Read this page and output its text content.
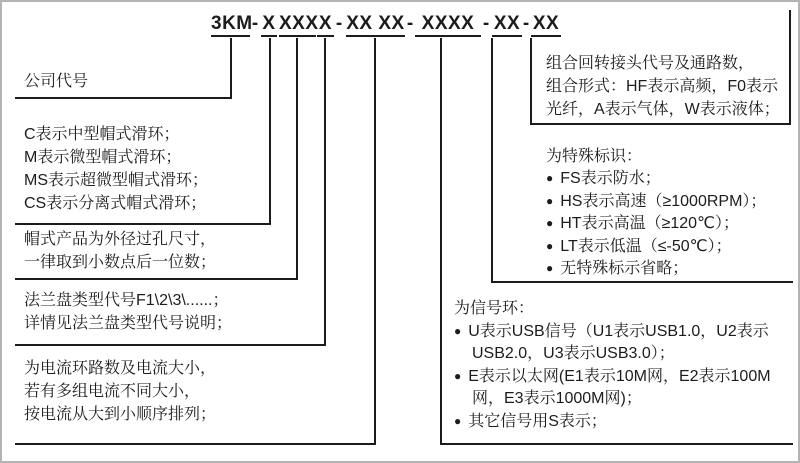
3KM - X XXX X - XX XX - XXXX - XX - XX
公司代号
C表示中型帽式滑环；
M表示微型帽式滑环；
MS表示超微型帽式滑环；
CS表示分离式帽式滑环；
帽式产品为外径过孔尺寸，
一律取到小数点后一位数；
法兰盘类型代号F1\2\3\......；
详情见法兰盘类型代号说明；
为电流环路数及电流大小，
若有多组电流不同大小，
按电流从大到小顺序排列；
组合回转接头代号及通路数，
组合形式：HF表示高频，F0表示
光纤，A表示气体，W表示液体；
为特殊标识：
● FS表示防水；
● HS表示高速（≥1000RPM）；
● HT表示高温（≥120℃）；
● LT表示低温（≤-50℃）；
● 无特殊标示省略；
为信号环：
● U表示USB信号（U1表示USB1.0，U2表示
USB2.0，U3表示USB3.0）；
● E表示以太网(E1表示10M网，E2表示100M
网，E3表示1000M网)；
● 其它信号用S表示；
